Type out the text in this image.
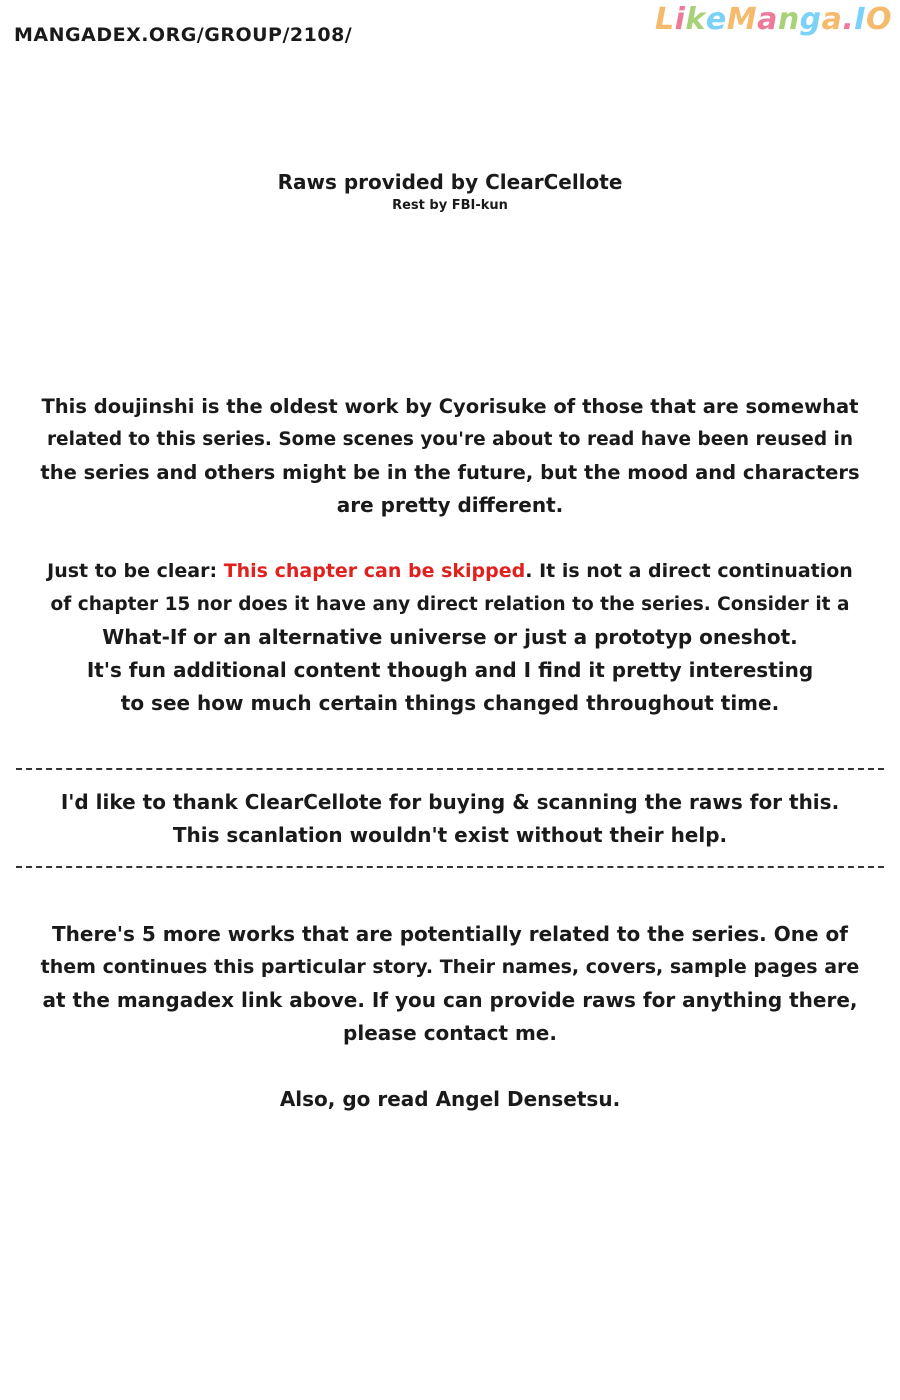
MANGADEX.ORG/GROUP/2108/	LikeManga.IO
Raws provided by ClearCellote
Rest by FBI-kun
This doujinshi is the oldest work by Cyorisuke of those that are somewhat
related to this series. Some scenes you're about to read have been reused in
the series and others might be in the future, but the mood and characters
are pretty different.
Just to be clear: This chapter can be skipped. It is not a direct continuation
of chapter 15 nor does it have any direct relation to the series. Consider it a
What-If or an alternative universe or just a prototyp oneshot.
It's fun additional content though and I find it pretty interesting
to see how much certain things changed throughout time.
I'd like to thank ClearCellote for buying & scanning the raws for this.
This scanlation wouldn't exist without their help.
There's 5 more works that are potentially related to the series. One of
them continues this particular story. Their names, covers, sample pages are
at the mangadex link above. If you can provide raws for anything there,
please contact me.
Also, go read Angel Densetsu.
